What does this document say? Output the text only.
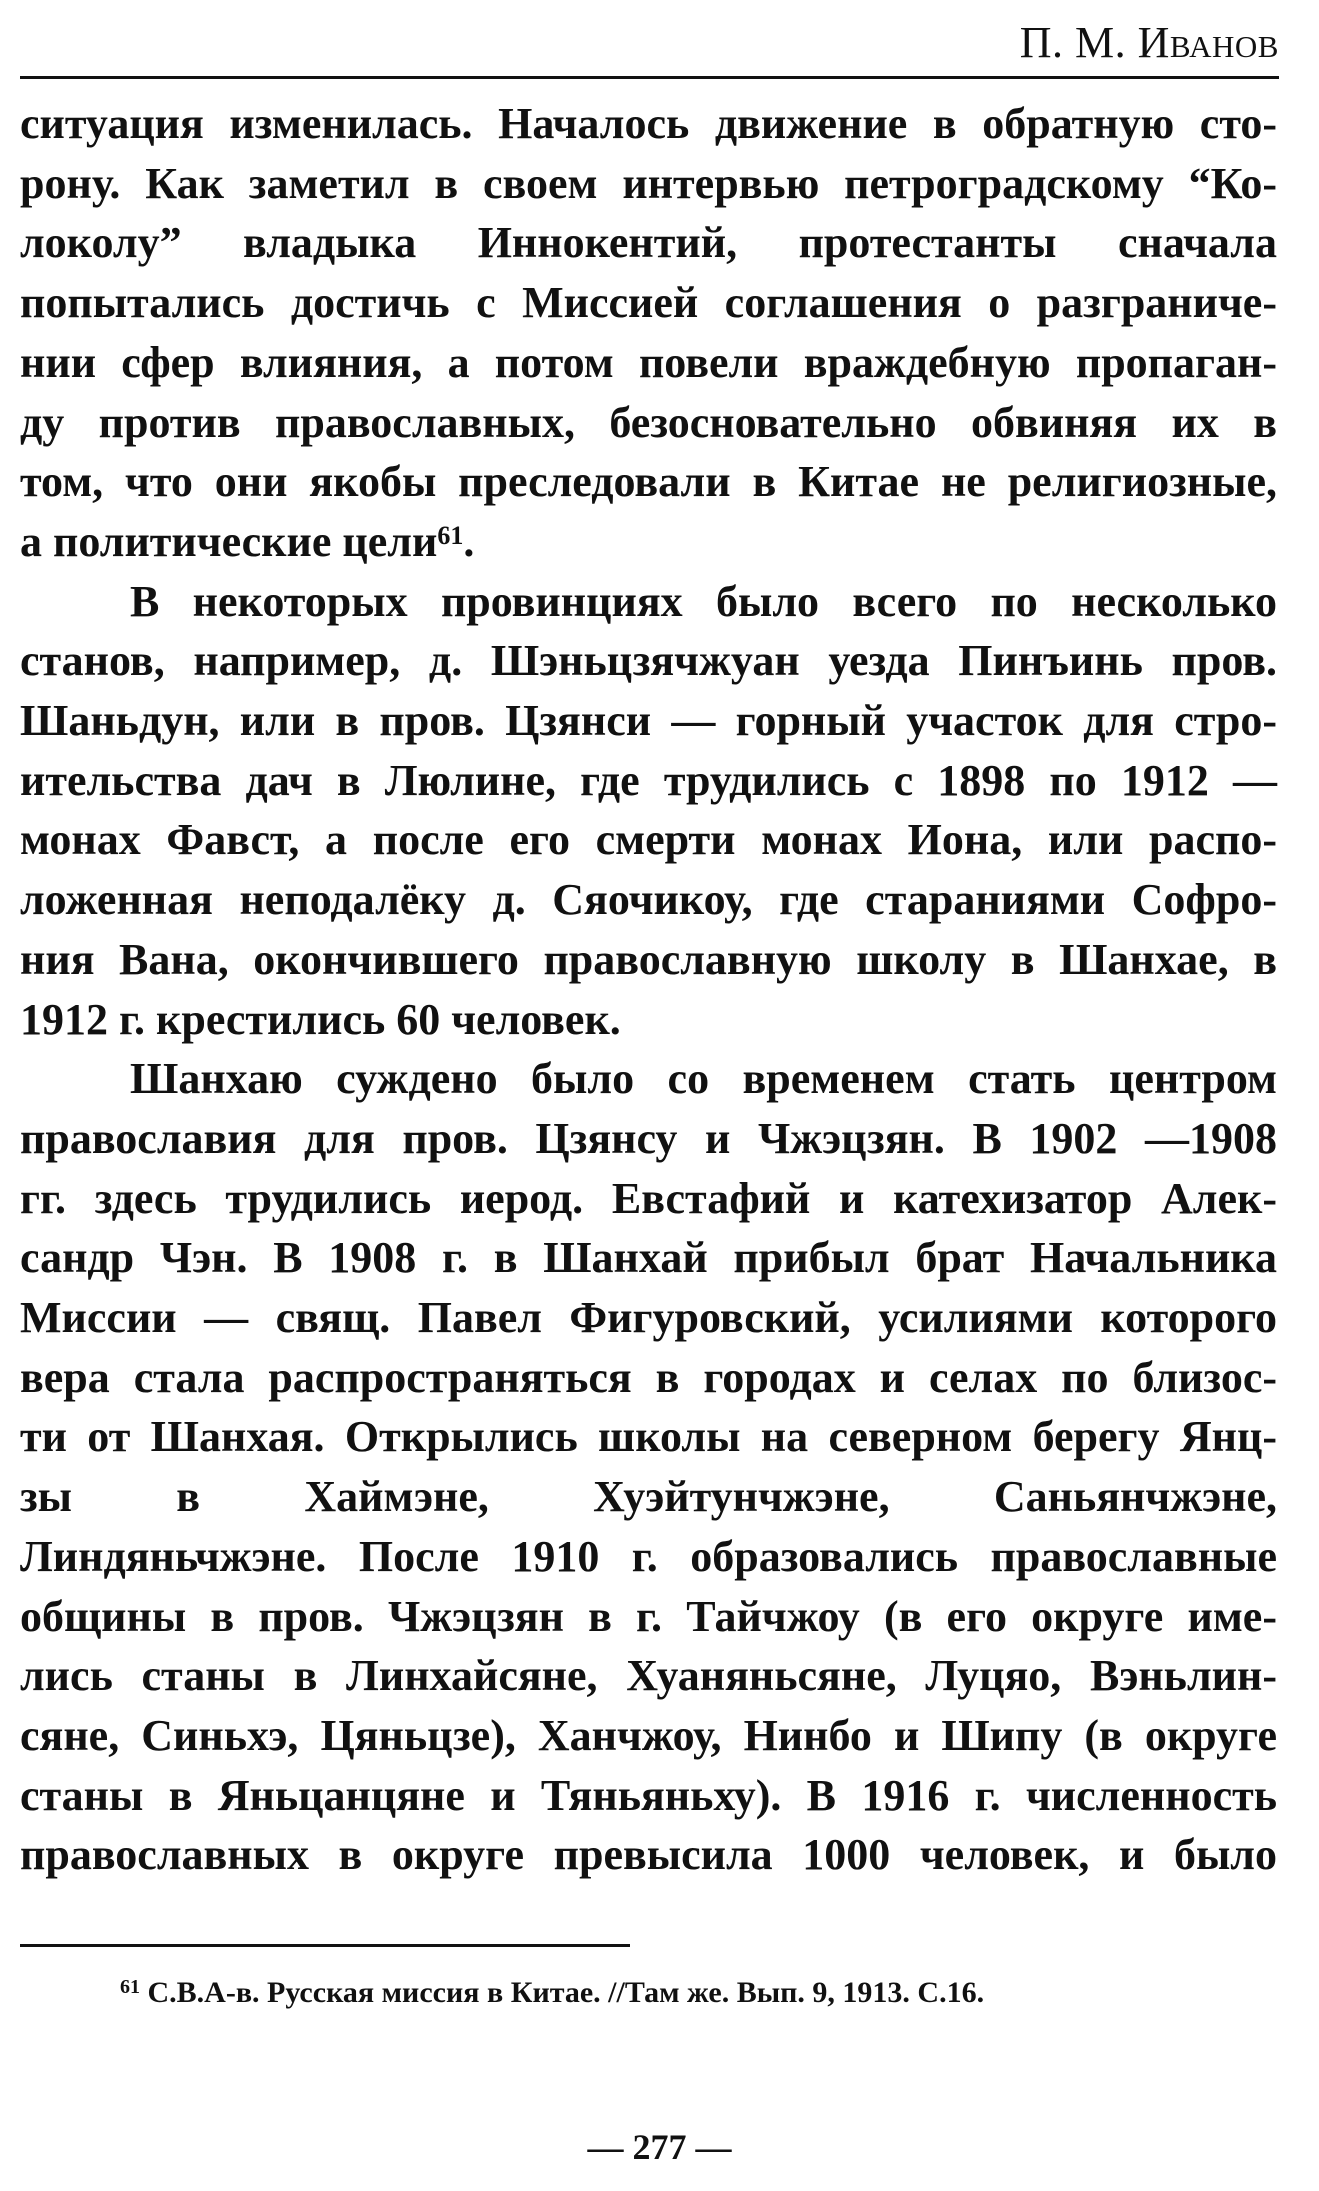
П. М. Иванов

ситуация изменилась. Началось движение в обратную сто-

рону. Как заметил в своем интервью петроградскому “Ко-

локолу” владыка Иннокентий, протестанты сначала

попытались достичь с Миссией соглашения о разграниче-

нии сфер влияния, а потом повели враждебную пропаган-

ду против православных, безосновательно обвиняя их в

том, что они якобы преследовали в Китае не религиозные,

а политические цели$^{61}$.

В некоторых провинциях было всего по несколько

станов, например, д. Шэньцзячжуан уезда Пинъинь пров.

Шаньдун, или в пров. Цзянси — горный участок для стро-

ительства дач в Люлине, где трудились с 1898 по 1912 —

монах Фавст, а после его смерти монах Иона, или распо-

ложенная неподалёку д. Сяочикоу, где стараниями Софро-

ния Вана, окончившего православную школу в Шанхае, в

1912 г. крестились 60 человек.

Шанхаю суждено было со временем стать центром

православия для пров. Цзянсу и Чжэцзян. В 1902 —1908

гг. здесь трудились иерод. Евстафий и катехизатор Алек-

сандр Чэн. В 1908 г. в Шанхай прибыл брат Начальника

Миссии — свящ. Павел Фигуровский, усилиями которого

вера стала распространяться в городах и селах по близос-

ти от Шанхая. Открылись школы на северном берегу Янц-

зы в Хаймэне, Хуэйтунчжэне, Саньянчжэне,

Линдяньчжэне. После 1910 г. образовались православные

общины в пров. Чжэцзян в г. Тайчжоу (в его округе име-

лись станы в Линхайсяне, Хуаняньсяне, Луцяо, Вэньлин-

сяне, Синьхэ, Цяньцзе), Ханчжоу, Нинбо и Шипу (в округе

станы в Яньцанцяне и Тяньяньху). В 1916 г. численность

православных в округе превысила 1000 человек, и было

$^{61}$ С.В.А-в. Русская миссия в Китае. //Там же. Вып. 9, 1913. С.16.
— 277 —
